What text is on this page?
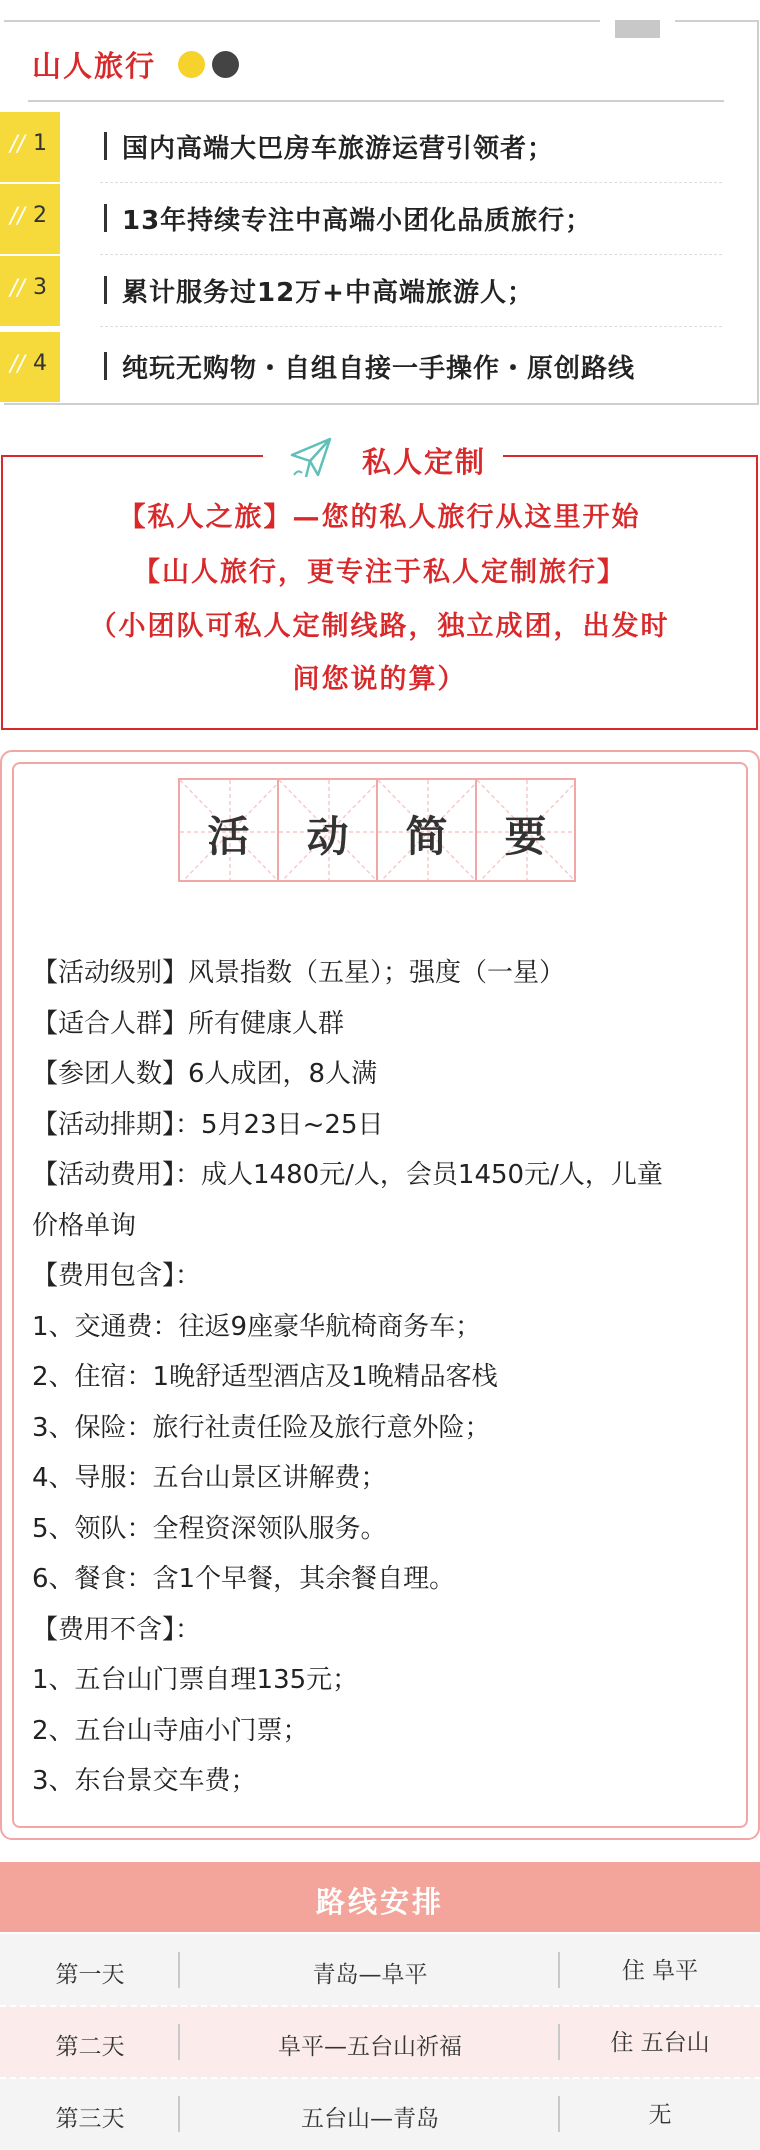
山人旅行
// 1	国内高端大巴房车旅游运营引领者；
// 2	13年持续专注中高端小团化品质旅行；
// 3	累计服务过12万+中高端旅游人；
// 4	纯玩无购物・自组自接一手操作・原创路线
私人定制
【私人之旅】—您的私人旅行从这里开始
【山人旅行，更专注于私人定制旅行】
（小团队可私人定制线路，独立成团，出发时
间您说的算）
活	动	简	要
【活动级别】风景指数（五星）；强度（一星）
【适合人群】所有健康人群
【参团人数】6人成团，8人满
【活动排期】：5月23日~25日
【活动费用】：成人1480元/人，会员1450元/人，儿童
价格单询
【费用包含】：
1、交通费：往返9座豪华航椅商务车；
2、住宿：1晚舒适型酒店及1晚精品客栈
3、保险：旅行社责任险及旅行意外险；
4、导服：五台山景区讲解费；
5、领队：全程资深领队服务。
6、餐食：含1个早餐，其余餐自理。
【费用不含】：
1、五台山门票自理135元；
2、五台山寺庙小门票；
3、东台景交车费；
路线安排
第一天	青岛—阜平	住 阜平
第二天	阜平—五台山祈福	住 五台山
第三天	五台山—青岛	无
